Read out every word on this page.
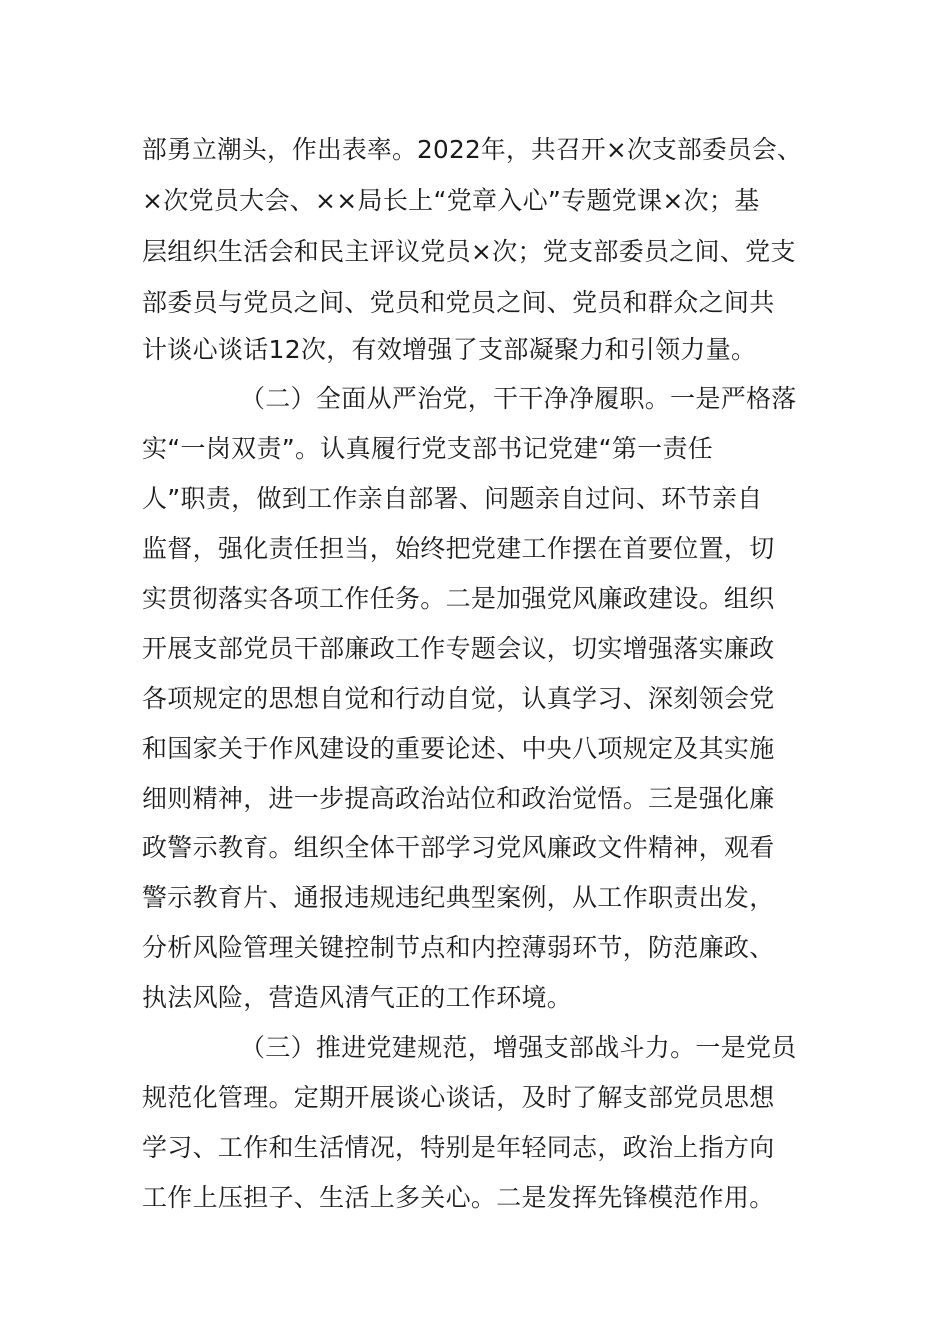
部勇立潮头，作出表率。2022年，共召开×次支部委员会、
×次党员大会、××局长上“党章入心”专题党课×次；基
层组织生活会和民主评议党员×次；党支部委员之间、党支
部委员与党员之间、党员和党员之间、党员和群众之间共
计谈心谈话12次，有效增强了支部凝聚力和引领力量。
（二）全面从严治党，干干净净履职。一是严格落
实“一岗双责”。认真履行党支部书记党建“第一责任
人”职责，做到工作亲自部署、问题亲自过问、环节亲自
监督，强化责任担当，始终把党建工作摆在首要位置，切
实贯彻落实各项工作任务。二是加强党风廉政建设。组织
开展支部党员干部廉政工作专题会议，切实增强落实廉政
各项规定的思想自觉和行动自觉，认真学习、深刻领会党
和国家关于作风建设的重要论述、中央八项规定及其实施
细则精神，进一步提高政治站位和政治觉悟。三是强化廉
政警示教育。组织全体干部学习党风廉政文件精神，观看
警示教育片、通报违规违纪典型案例，从工作职责出发，
分析风险管理关键控制节点和内控薄弱环节，防范廉政、
执法风险，营造风清气正的工作环境。
（三）推进党建规范，增强支部战斗力。一是党员
规范化管理。定期开展谈心谈话，及时了解支部党员思想
学习、工作和生活情况，特别是年轻同志，政治上指方向
工作上压担子、生活上多关心。二是发挥先锋模范作用。
